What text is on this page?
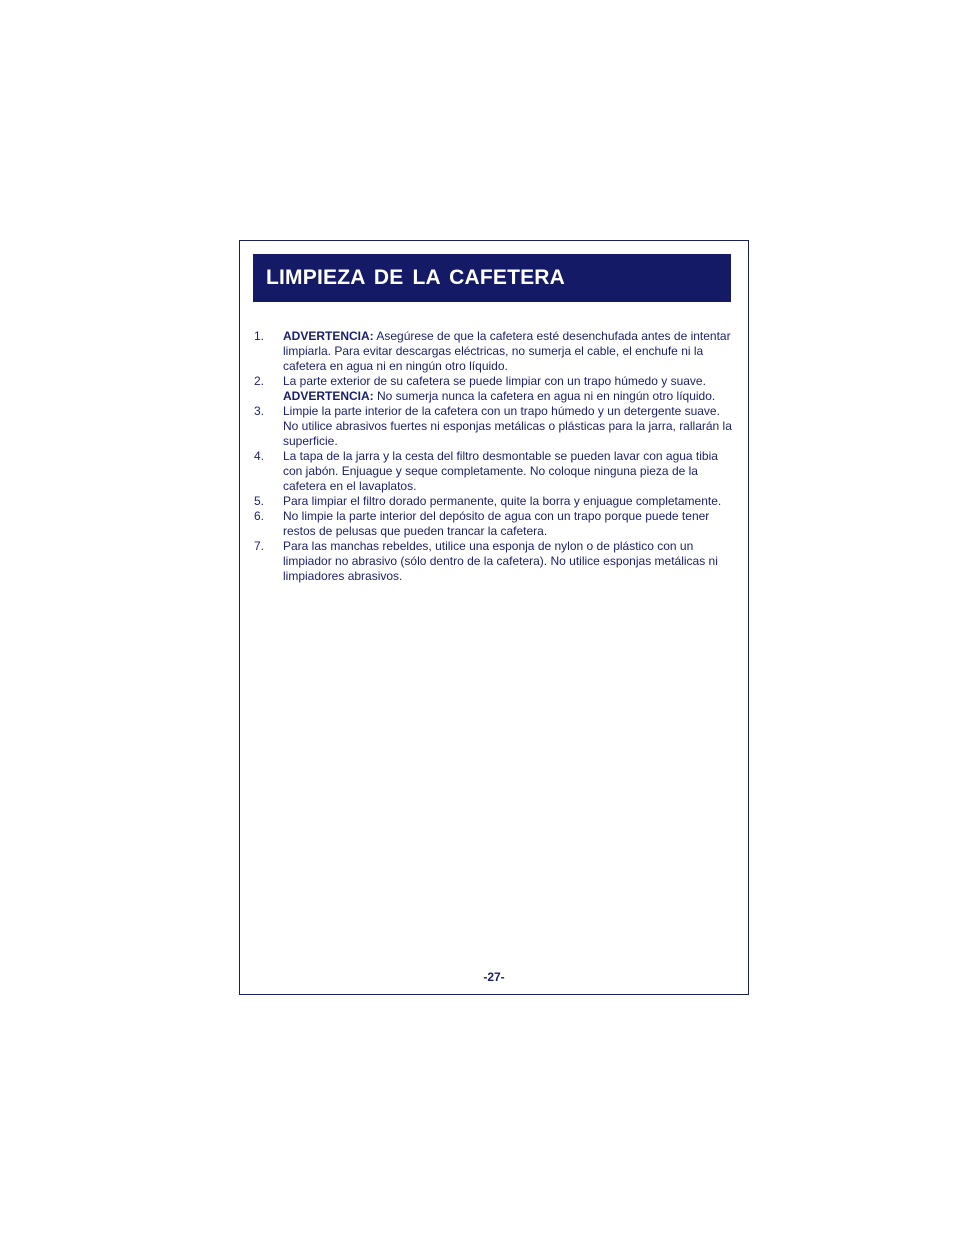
LIMPIEZA DE LA CAFETERA
1.	ADVERTENCIA: Asegúrese de que la cafetera esté desenchufada antes de intentar limpiarla. Para evitar descargas eléctricas, no sumerja el cable, el enchufe ni la cafetera en agua ni en ningún otro líquido.
2.	La parte exterior de su cafetera se puede limpiar con un trapo húmedo y suave. ADVERTENCIA: No sumerja nunca la cafetera en agua ni en ningún otro líquido.
3.	Limpie la parte interior de la cafetera con un trapo húmedo y un detergente suave. No utilice abrasivos fuertes ni esponjas metálicas o plásticas para la jarra, rallarán la superficie.
4.	La tapa de la jarra y la cesta del filtro desmontable se pueden lavar con agua tibia con jabón. Enjuague y seque completamente. No coloque ninguna pieza de la cafetera en el lavaplatos.
5.	Para limpiar el filtro dorado permanente, quite la borra y enjuague completamente.
6.	No limpie la parte interior del depósito de agua con un trapo porque puede tener restos de pelusas que pueden trancar la cafetera.
7.	Para las manchas rebeldes, utilice una esponja de nylon o de plástico con un limpiador no abrasivo (sólo dentro de la cafetera). No utilice esponjas metálicas ni limpiadores abrasivos.
-27-
